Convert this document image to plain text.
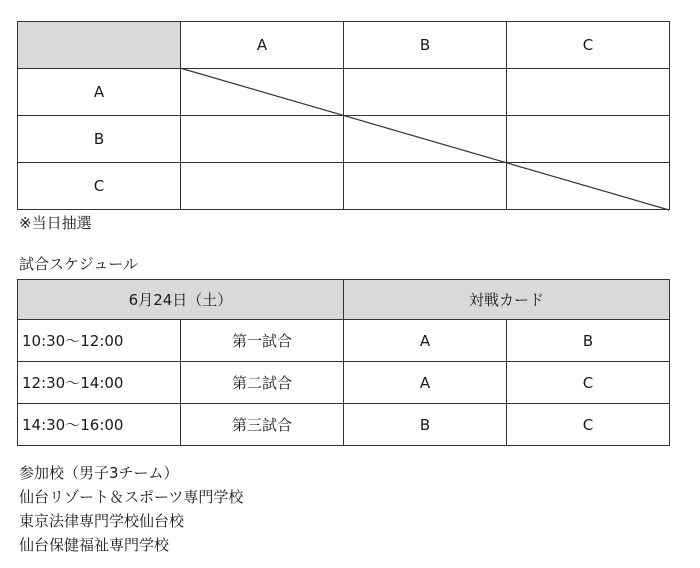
	A	B	C
A			
B			
C			
※当日抽選
試合スケジュール
6月24日（土）		対戦カード	
10:30～12:00	第一試合	A	B
12:30～14:00	第二試合	A	C
14:30～16:00	第三試合	B	C
参加校（男子3チーム）
仙台リゾート＆スポーツ専門学校
東京法律専門学校仙台校
仙台保健福祉専門学校
